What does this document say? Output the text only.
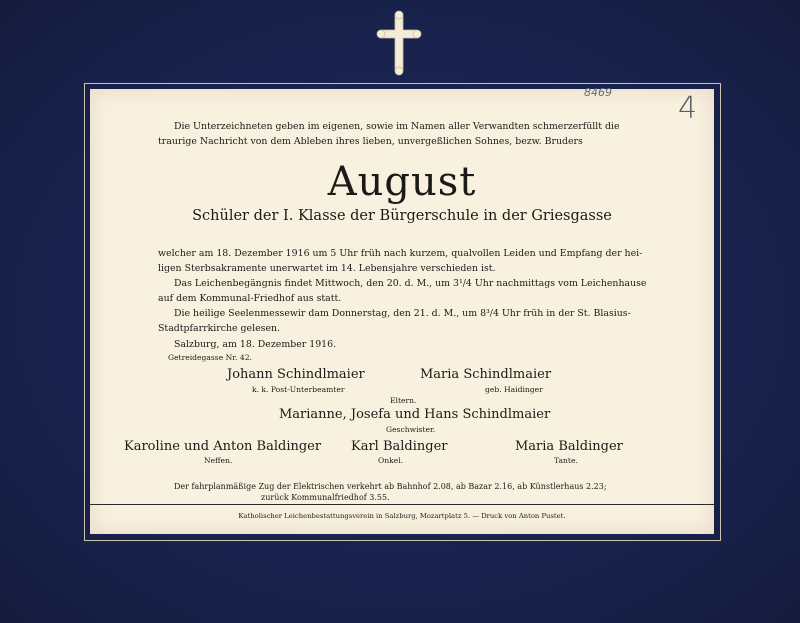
8469 4
Die Unterzeichneten geben im eigenen, sowie im Namen aller Verwandten schmerzerfüllt die
traurige Nachricht von dem Ableben ihres lieben, unvergeßlichen Sohnes, bezw. Bruders
August
Schüler der I. Klasse der Bürgerschule in der Griesgasse
welcher am 18. Dezember 1916 um 5 Uhr früh nach kurzem, qualvollen Leiden und Empfang der hei-
ligen Sterbsakramente unerwartet im 14. Lebensjahre verschieden ist.
Das Leichenbegängnis findet Mittwoch, den 20. d. M., um 3¹/4 Uhr nachmittags vom Leichenhause
auf dem Kommunal-Friedhof aus statt.
Die heilige Seelenmessewir dam Donnerstag, den 21. d. M., um 8³/4 Uhr früh in der St. Blasius-
Stadtpfarrkirche gelesen.
Salzburg, am 18. Dezember 1916.
Getreidegasse Nr. 42.
Johann Schindlmaier
k. k. Post-Unterbeamter
Maria Schindlmaier
geb. Haidinger
Eltern.
Marianne, Josefa und Hans Schindlmaier
Geschwister.
Karoline und Anton Baldinger
Neffen.
Karl Baldinger
Onkel.
Maria Baldinger
Tante.
Der fahrplanmäßige Zug der Elektrischen verkehrt ab Bahnhof 2.08, ab Bazar 2.16, ab Künstlerhaus 2.23;
zurück Kommunalfriedhof 3.55.
Katholischer Leichenbestattungsverein in Salzburg, Mozartplatz 5. — Druck von Anton Pustet.
